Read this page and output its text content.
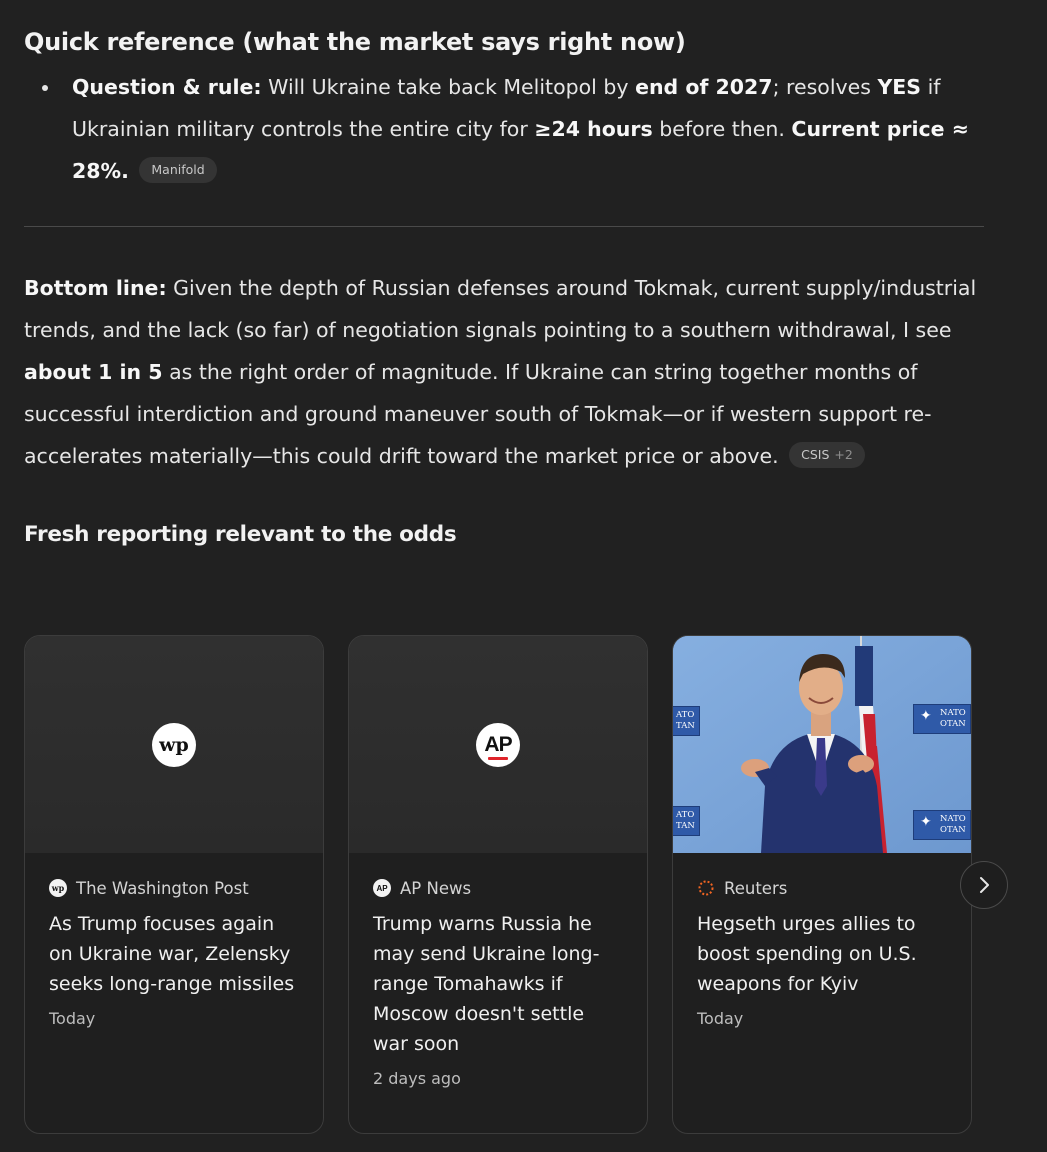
Quick reference (what the market says right now)
Question & rule: Will Ukraine take back Melitopol by end of 2027; resolves YES if Ukrainian military controls the entire city for ≥24 hours before then. Current price ≈ 28%. Manifold

Bottom line: Given the depth of Russian defenses around Tokmak, current supply/industrial trends, and the lack (so far) of negotiation signals pointing to a southern withdrawal, I see about 1 in 5 as the right order of magnitude. If Ukraine can string together months of successful interdiction and ground maneuver south of Tokmak—or if western support re-accelerates materially—this could drift toward the market price or above. CSIS +2

Fresh reporting relevant to the odds
wp
wp The Washington Post
As Trump focuses again on Ukraine war, Zelensky seeks long-range missiles
Today
AP
AP AP News
Trump warns Russia he may send Ukraine long-range Tomahawks if Moscow doesn't settle war soon
2 days ago
✦ NATO
OTAN
✦ NATO
OTAN
ATO
TAN
ATO
TAN
Reuters
Hegseth urges allies to boost spending on U.S. weapons for Kyiv
Today
